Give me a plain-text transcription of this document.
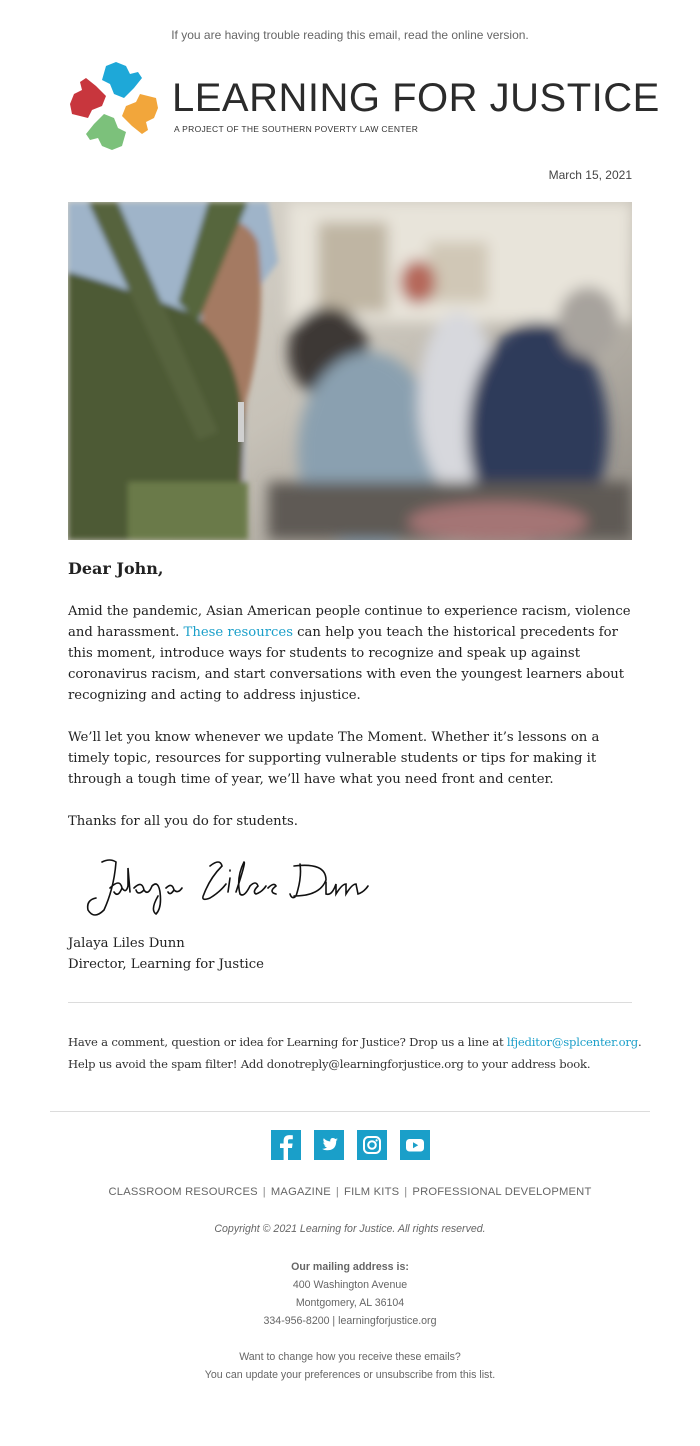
If you are having trouble reading this email, read the online version.
LEARNING FOR JUSTICE
A PROJECT OF THE SOUTHERN POVERTY LAW CENTER
March 15, 2021
Dear John,

Amid the pandemic, Asian American people continue to experience racism, violence and harassment. These resources can help you teach the historical precedents for this moment, introduce ways for students to recognize and speak up against coronavirus racism, and start conversations with even the youngest learners about recognizing and acting to address injustice.

We’ll let you know whenever we update The Moment. Whether it’s lessons on a timely topic, resources for supporting vulnerable students or tips for making it through a tough time of year, we’ll have what you need front and center.

Thanks for all you do for students.

Jalaya Liles Dunn
Director, Learning for Justice
Have a comment, question or idea for Learning for Justice? Drop us a line at lfjeditor@splcenter.org.
Help us avoid the spam filter! Add donotreply@learningforjustice.org to your address book.

CLASSROOM RESOURCES | MAGAZINE | FILM KITS | PROFESSIONAL DEVELOPMENT
Copyright © 2021 Learning for Justice. All rights reserved.
Our mailing address is:
400 Washington Avenue
Montgomery, AL 36104
334-956-8200 | learningforjustice.org
Want to change how you receive these emails?
You can update your preferences or unsubscribe from this list.
